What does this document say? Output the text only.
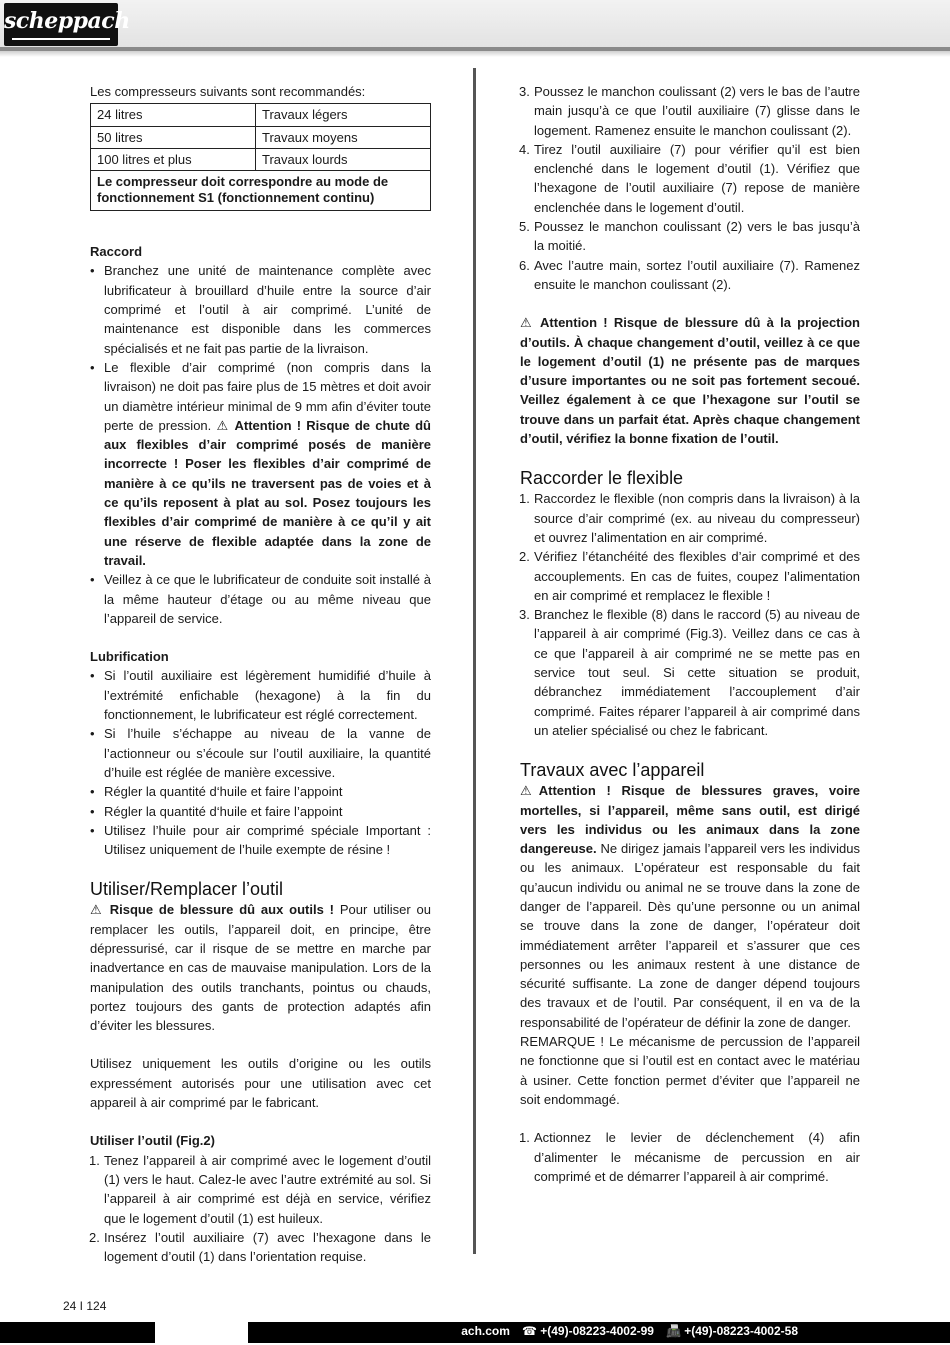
scheppach

Les compresseurs suivants sont recommandés:

24 litres	Travaux légers
50 litres	Travaux moyens
100 litres et plus	Travaux lourds
Le compresseur doit correspondre au mode de fonctionnement S1 (fonctionnement continu)	

Raccord

• Branchez une unité de maintenance complète avec lubrificateur à brouillard d’huile entre la source d’air comprimé et l’outil à air comprimé. L’unité de maintenance est disponible dans les commerces spécialisés et ne fait pas partie de la livraison.
• Le flexible d’air comprimé (non compris dans la livraison) ne doit pas faire plus de 15 mètres et doit avoir un diamètre intérieur minimal de 9 mm afin d’éviter toute perte de pression. ⚠ Attention ! Risque de chute dû aux flexibles d’air comprimé posés de manière incorrecte ! Poser les flexibles d’air comprimé de manière à ce qu’ils ne traversent pas de voies et à ce qu’ils reposent à plat au sol. Posez toujours les flexibles d’air comprimé de manière à ce qu’il y ait une réserve de flexible adaptée dans la zone de travail.
• Veillez à ce que le lubrificateur de conduite soit installé à la même hauteur d’étage ou au même niveau que l’appareil de service.

Lubrification

• Si l’outil auxiliaire est légèrement humidifié d’huile à l’extrémité enfichable (hexagone) à la fin du fonctionnement, le lubrificateur est réglé correctement.
• Si l’huile s’échappe au niveau de la vanne de l’actionneur ou s’écoule sur l’outil auxiliaire, la quantité d’huile est réglée de manière excessive.
• Régler la quantité d‘huile et faire l’appoint
• Régler la quantité d‘huile et faire l’appoint
• Utilisez l’huile pour air comprimé spéciale Important : Utilisez uniquement de l’huile exempte de résine !

Utiliser/Remplacer l’outil

⚠ Risque de blessure dû aux outils ! Pour utiliser ou remplacer les outils, l’appareil doit, en principe, être dépressurisé, car il risque de se mettre en marche par inadvertance en cas de mauvaise manipulation. Lors de la manipulation des outils tranchants, pointus ou chauds, portez toujours des gants de protection adaptés afin d’éviter les blessures.

Utilisez uniquement les outils d’origine ou les outils expressément autorisés pour une utilisation avec cet appareil à air comprimé par le fabricant.

Utiliser l’outil (Fig.2)

1. Tenez l’appareil à air comprimé avec le logement d’outil (1) vers le haut. Calez-le avec l’autre extrémité au sol. Si l’appareil à air comprimé est déjà en service, vérifiez que le logement d’outil (1) est huileux.
2. Insérez l’outil auxiliaire (7) avec l’hexagone dans le logement d’outil (1) dans l’orientation requise.
3. Poussez le manchon coulissant (2) vers le bas de l’autre main jusqu’à ce que l’outil auxiliaire (7) glisse dans le logement. Ramenez ensuite le manchon coulissant (2).
4. Tirez l’outil auxiliaire (7) pour vérifier qu’il est bien enclenché dans le logement d’outil (1). Vérifiez que l’hexagone de l’outil auxiliaire (7) repose de manière enclenchée dans le logement d’outil.
5. Poussez le manchon coulissant (2) vers le bas jusqu’à la moitié.
6. Avec l’autre main, sortez l’outil auxiliaire (7). Ramenez ensuite le manchon coulissant (2).

⚠ Attention ! Risque de blessure dû à la projection d’outils. À chaque changement d’outil, veillez à ce que le logement d’outil (1) ne présente pas de marques d’usure importantes ou ne soit pas fortement secoué. Veillez également à ce que l’hexagone sur l’outil se trouve dans un parfait état. Après chaque changement d’outil, vérifiez la bonne fixation de l’outil.

Raccorder le flexible

1. Raccordez le flexible (non compris dans la livraison) à la source d’air comprimé (ex. au niveau du compresseur) et ouvrez l’alimentation en air comprimé.
2. Vérifiez l’étanchéité des flexibles d’air comprimé et des accouplements. En cas de fuites, coupez l’alimentation en air comprimé et remplacez le flexible !
3. Branchez le flexible (8) dans le raccord (5) au niveau de l’appareil à air comprimé (Fig.3). Veillez dans ce cas à ce que l’appareil à air comprimé ne se mette pas en service tout seul. Si cette situation se produit, débranchez immédiatement l’accouplement d’air comprimé. Faites réparer l’appareil à air comprimé dans un atelier spécialisé ou chez le fabricant.

Travaux avec l’appareil

⚠Attention ! Risque de blessures graves, voire mortelles, si l’appareil, même sans outil, est dirigé vers les individus ou les animaux dans la zone dangereuse. Ne dirigez jamais l’appareil vers les individus ou les animaux. L’opérateur est responsable du fait qu’aucun individu ou animal ne se trouve dans la zone de danger de l’appareil. Dès qu’une personne ou un animal se trouve dans la zone de danger, l’opérateur doit immédiatement arrêter l’appareil et s’assurer que ces personnes ou les animaux restent à une distance de sécurité suffisante. La zone de danger dépend toujours des travaux et de l’outil. Par conséquent, il en va de la responsabilité de l’opérateur de définir la zone de danger.

REMARQUE ! Le mécanisme de percussion de l’appareil ne fonctionne que si l’outil est en contact avec le matériau à usiner. Cette fonction permet d’éviter que l’appareil ne soit endommagé.

1. Actionnez le levier de déclenchement (4) afin d’alimenter le mécanisme de percussion en air comprimé et de démarrer l’appareil à air comprimé.
24 I 124
ach.com ☎ +(49)-08223-4002-99 📠 +(49)-08223-4002-58
